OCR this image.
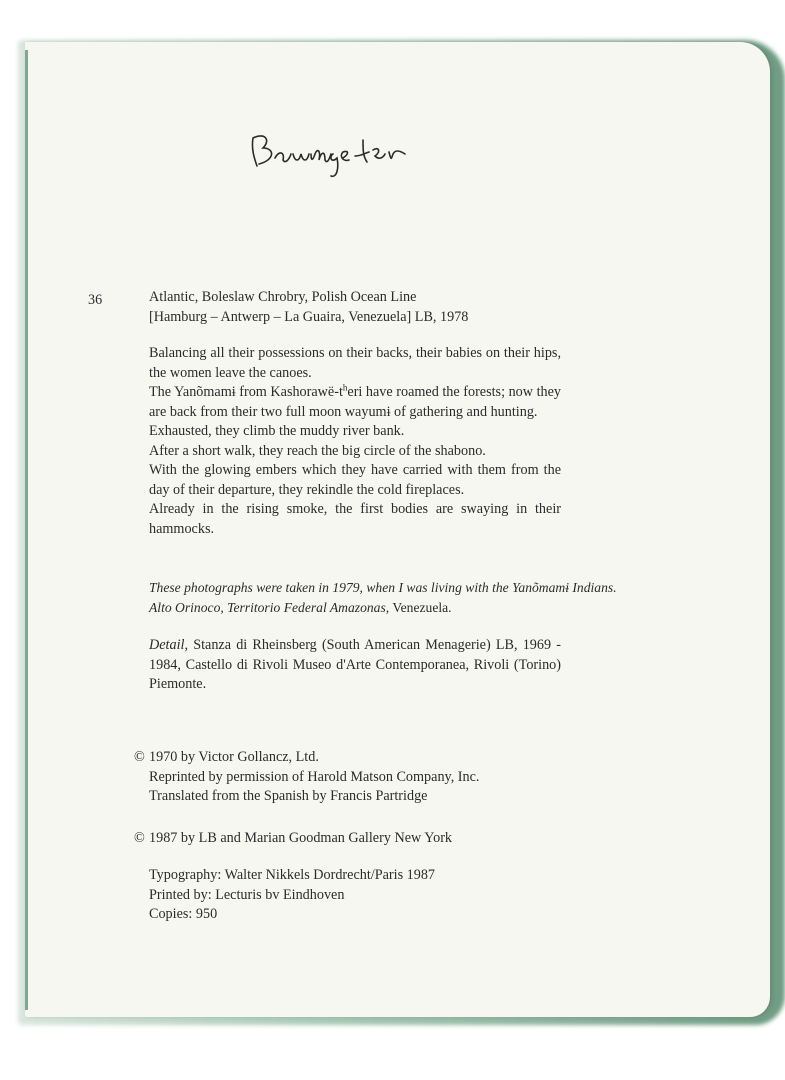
36	Atlantic, Boleslaw Chrobry, Polish Ocean Line
[Hamburg – Antwerp – La Guaira, Venezuela] LB, 1978
Balancing all their possessions on their backs, their babies on their hips, the women leave the canoes.
The Yanõmamɨ from Kashorawë-$t^heri$ have roamed the forests; now they are back from their two full moon wayumɨ of gathering and hunting.
Exhausted, they climb the muddy river bank.
After a short walk, they reach the big circle of the shabono.
With the glowing embers which they have carried with them from the day of their departure, they rekindle the cold fireplaces.
Already in the rising smoke, the first bodies are swaying in their hammocks.
These photographs were taken in 1979, when I was living with the Yanõmamɨ Indians.
Alto Orinoco, Territorio Federal Amazonas, Venezuela.
Detail, Stanza di Rheinsberg (South American Menagerie) LB, 1969 - 1984, Castello di Rivoli Museo d'Arte Contemporanea, Rivoli (Torino) Piemonte.
© 1970 by Victor Gollancz, Ltd.
Reprinted by permission of Harold Matson Company, Inc.
Translated from the Spanish by Francis Partridge
© 1987 by LB and Marian Goodman Gallery New York
Typography: Walter Nikkels Dordrecht/Paris 1987
Printed by: Lecturis bv Eindhoven
Copies: 950
